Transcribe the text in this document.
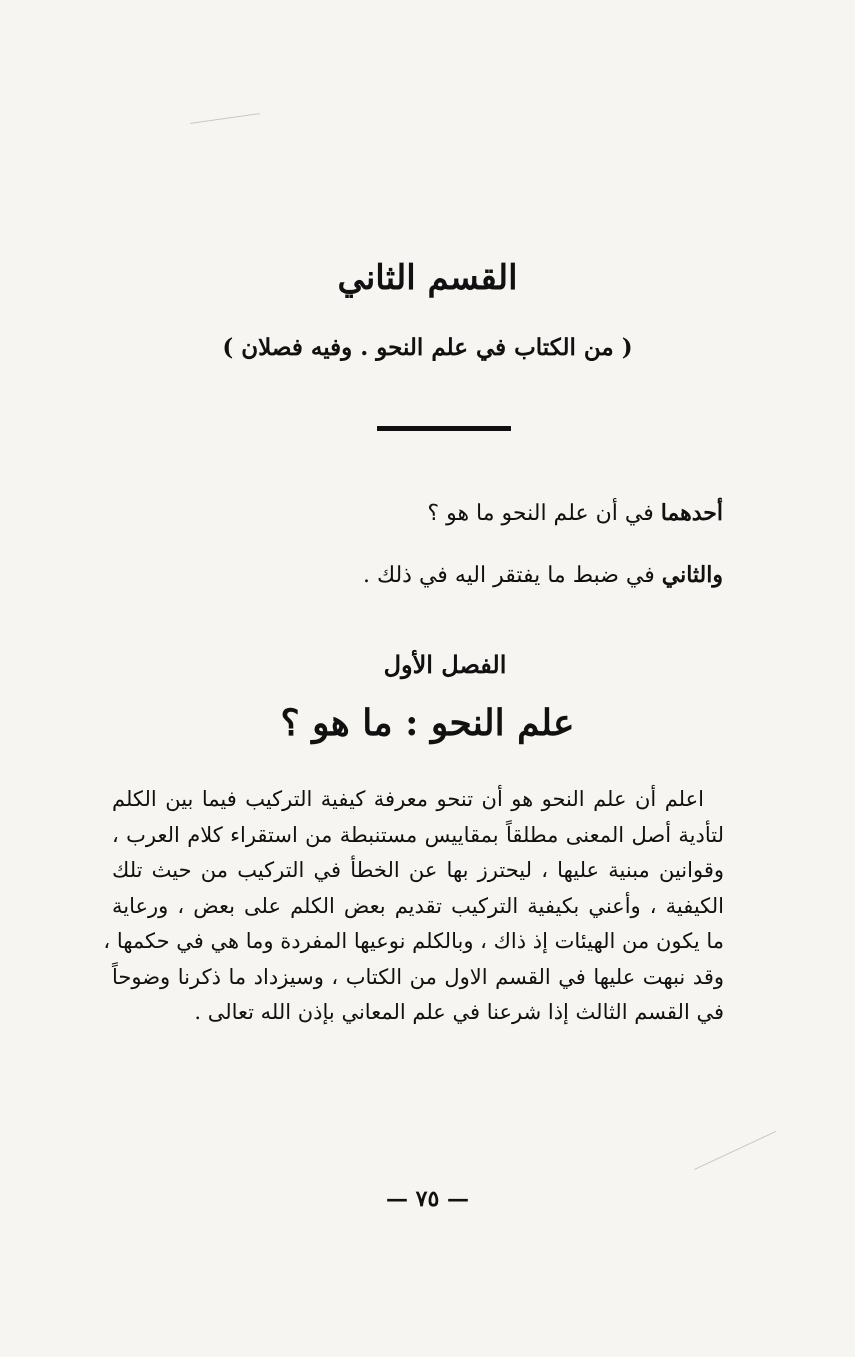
القسم الثاني
( من الكتاب في علم النحو . وفيه فصلان )
أحدهما في أن علم النحو ما هو ؟
والثاني في ضبط ما يفتقر اليه في ذلك .
الفصل الأول
علم النحو : ما هو ؟
اعلم أن علم النحو هو أن تنحو معرفة كيفية التركيب فيما بين الكلم
لتأدية أصل المعنى مطلقاً بمقاييس مستنبطة من استقراء كلام العرب ،
وقوانين مبنية عليها ، ليحترز بها عن الخطأ في التركيب من حيث تلك
الكيفية ، وأعني بكيفية التركيب تقديم بعض الكلم على بعض ، ورعاية
ما يكون من الهيئات إذ ذاك ، وبالكلم نوعيها المفردة وما هي في حكمها ،
وقد نبهت عليها في القسم الاول من الكتاب ، وسيزداد ما ذكرنا وضوحاً
في القسم الثالث إذا شرعنا في علم المعاني بإذن الله تعالى .
— ٧٥ —
